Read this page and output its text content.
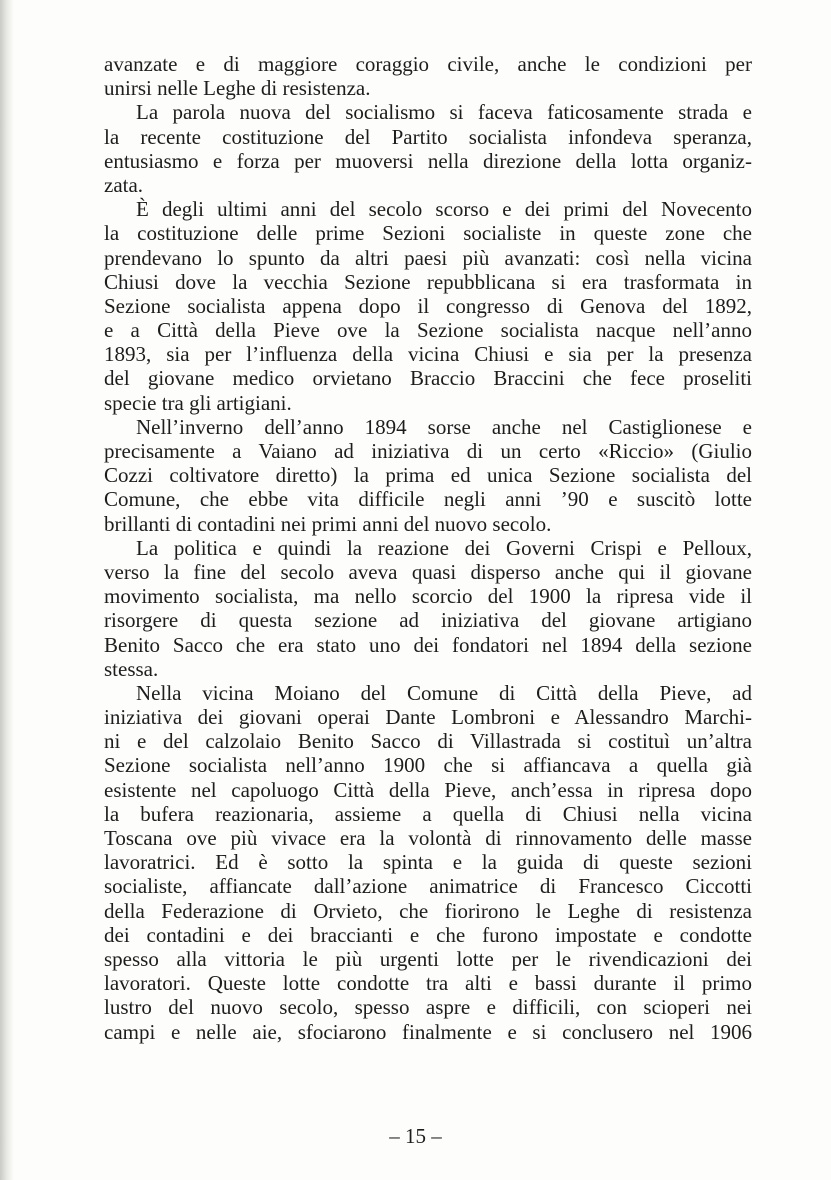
avanzate e di maggiore coraggio civile, anche le condizioni per
unirsi nelle Leghe di resistenza.

La parola nuova del socialismo si faceva faticosamente strada e
la recente costituzione del Partito socialista infondeva speranza,
entusiasmo e forza per muoversi nella direzione della lotta organiz-
zata.

È degli ultimi anni del secolo scorso e dei primi del Novecento
la costituzione delle prime Sezioni socialiste in queste zone che
prendevano lo spunto da altri paesi più avanzati: così nella vicina
Chiusi dove la vecchia Sezione repubblicana si era trasformata in
Sezione socialista appena dopo il congresso di Genova del 1892,
e a Città della Pieve ove la Sezione socialista nacque nell’anno
1893, sia per l’influenza della vicina Chiusi e sia per la presenza
del giovane medico orvietano Braccio Braccini che fece proseliti
specie tra gli artigiani.

Nell’inverno dell’anno 1894 sorse anche nel Castiglionese e
precisamente a Vaiano ad iniziativa di un certo «Riccio» (Giulio
Cozzi coltivatore diretto) la prima ed unica Sezione socialista del
Comune, che ebbe vita difficile negli anni ’90 e suscitò lotte
brillanti di contadini nei primi anni del nuovo secolo.

La politica e quindi la reazione dei Governi Crispi e Pelloux,
verso la fine del secolo aveva quasi disperso anche qui il giovane
movimento socialista, ma nello scorcio del 1900 la ripresa vide il
risorgere di questa sezione ad iniziativa del giovane artigiano
Benito Sacco che era stato uno dei fondatori nel 1894 della sezione
stessa.

Nella vicina Moiano del Comune di Città della Pieve, ad
iniziativa dei giovani operai Dante Lombroni e Alessandro Marchi-
ni e del calzolaio Benito Sacco di Villastrada si costituì un’altra
Sezione socialista nell’anno 1900 che si affiancava a quella già
esistente nel capoluogo Città della Pieve, anch’essa in ripresa dopo
la bufera reazionaria, assieme a quella di Chiusi nella vicina
Toscana ove più vivace era la volontà di rinnovamento delle masse
lavoratrici. Ed è sotto la spinta e la guida di queste sezioni
socialiste, affiancate dall’azione animatrice di Francesco Ciccotti
della Federazione di Orvieto, che fiorirono le Leghe di resistenza
dei contadini e dei braccianti e che furono impostate e condotte
spesso alla vittoria le più urgenti lotte per le rivendicazioni dei
lavoratori. Queste lotte condotte tra alti e bassi durante il primo
lustro del nuovo secolo, spesso aspre e difficili, con scioperi nei
campi e nelle aie, sfociarono finalmente e si conclusero nel 1906

– 15 –
